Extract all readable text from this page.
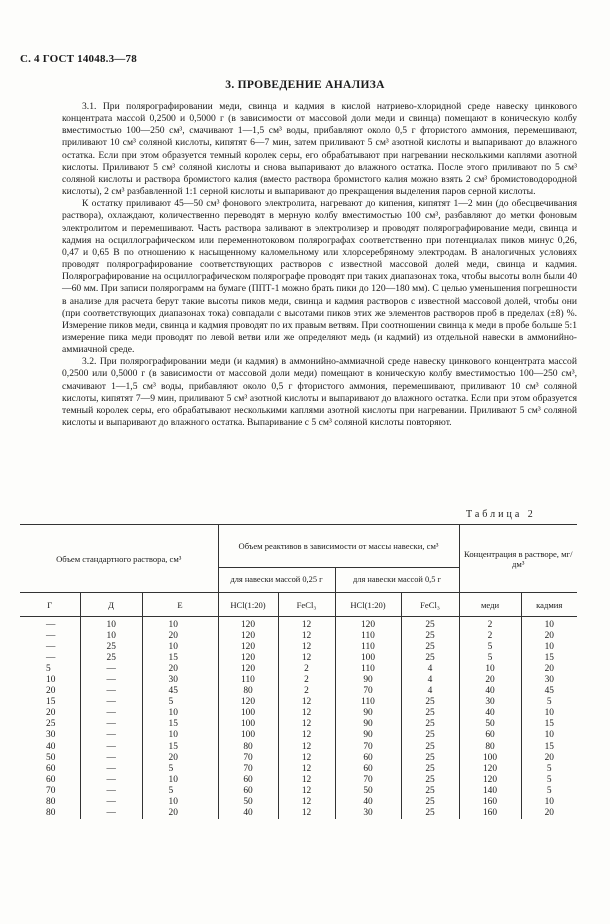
С. 4 ГОСТ 14048.3—78
3. ПРОВЕДЕНИЕ АНАЛИЗА

3.1. При полярографировании меди, свинца и кадмия в кислой натриево-хлоридной среде навеску цинкового концентрата массой 0,2500 и 0,5000 г (в зависимости от массовой доли меди и свинца) помещают в коническую колбу вместимостью 100—250 см³, смачивают 1—1,5 см³ воды, прибавляют около 0,5 г фтористого аммония, перемешивают, приливают 10 см³ соляной кислоты, кипятят 6—7 мин, затем приливают 5 см³ азотной кислоты и выпаривают до влажного остатка. Если при этом образуется темный королек серы, его обрабатывают при нагревании несколькими каплями азотной кислоты. Приливают 5 см³ соляной кислоты и снова выпаривают до влажного остатка. После этого приливают по 5 см³ соляной кислоты и раствора бромистого калия (вместо раствора бромистого калия можно взять 2 см³ бромистоводородной кислоты), 2 см³ разбавленной 1:1 серной кислоты и выпаривают до прекращения выделения паров серной кислоты.

К остатку приливают 45—50 см³ фонового электролита, нагревают до кипения, кипятят 1—2 мин (до обесцвечивания раствора), охлаждают, количественно переводят в мерную колбу вместимостью 100 см³, разбавляют до метки фоновым электролитом и перемешивают. Часть раствора заливают в электролизер и проводят полярографирование меди, свинца и кадмия на осциллографическом или переменнотоковом полярографах соответственно при потенциалах пиков минус 0,26, 0,47 и 0,65 В по отношению к насыщенному каломельному или хлорсеребряному электродам. В аналогичных условиях проводят полярографирование соответствующих растворов с известной массовой долей меди, свинца и кадмия. Полярографирование на осциллографическом полярографе проводят при таких диапазонах тока, чтобы высоты волн были 40—60 мм. При записи полярограмм на бумаге (ППТ-1 можно брать пики до 120—180 мм). С целью уменьшения погрешности в анализе для расчета берут такие высоты пиков меди, свинца и кадмия растворов с известной массовой долей, чтобы они (при соответствующих диапазонах тока) совпадали с высотами пиков этих же элементов растворов проб в пределах (±8) %. Измерение пиков меди, свинца и кадмия проводят по их правым ветвям. При соотношении свинца к меди в пробе больше 5:1 измерение пика меди проводят по левой ветви или же определяют медь (и кадмий) из отдельной навески в аммонийно-аммиачной среде.

3.2. При полярографировании меди (и кадмия) в аммонийно-аммиачной среде навеску цинкового концентрата массой 0,2500 или 0,5000 г (в зависимости от массовой доли меди) помещают в коническую колбу вместимостью 100—250 см³, смачивают 1—1,5 см³ воды, прибавляют около 0,5 г фтористого аммония, перемешивают, приливают 10 см³ соляной кислоты, кипятят 7—9 мин, приливают 5 см³ азотной кислоты и выпаривают до влажного остатка. Если при этом образуется темный королек серы, его обрабатывают несколькими каплями азотной кислоты при нагревании. Приливают 5 см³ соляной кислоты и выпаривают до влажного остатка. Выпаривание с 5 см³ соляной кислоты повторяют.

Таблица 2
Объем стандартного раствора, см³			Объем реактивов в зависимости от массы навески, см³				Концентрация в растворе, мг/дм³	
			для навески массой 0,25 г		для навески массой 0,5 г			
Г	Д	Е	HCl(1:20)	FeCl₃	HCl(1:20)	FeCl₃	меди	кадмия
—	10	10	120	12	120	25	2	10
—	10	20	120	12	110	25	2	20
—	25	10	120	12	110	25	5	10
—	25	15	120	12	100	25	5	15
5	—	20	120	2	110	4	10	20
10	—	30	110	2	90	4	20	30
20	—	45	80	2	70	4	40	45
15	—	5	120	12	110	25	30	5
20	—	10	100	12	90	25	40	10
25	—	15	100	12	90	25	50	15
30	—	10	100	12	90	25	60	10
40	—	15	80	12	70	25	80	15
50	—	20	70	12	60	25	100	20
60	—	5	70	12	60	25	120	5
60	—	10	60	12	70	25	120	5
70	—	5	60	12	50	25	140	5
80	—	10	50	12	40	25	160	10
80	—	20	40	12	30	25	160	20
